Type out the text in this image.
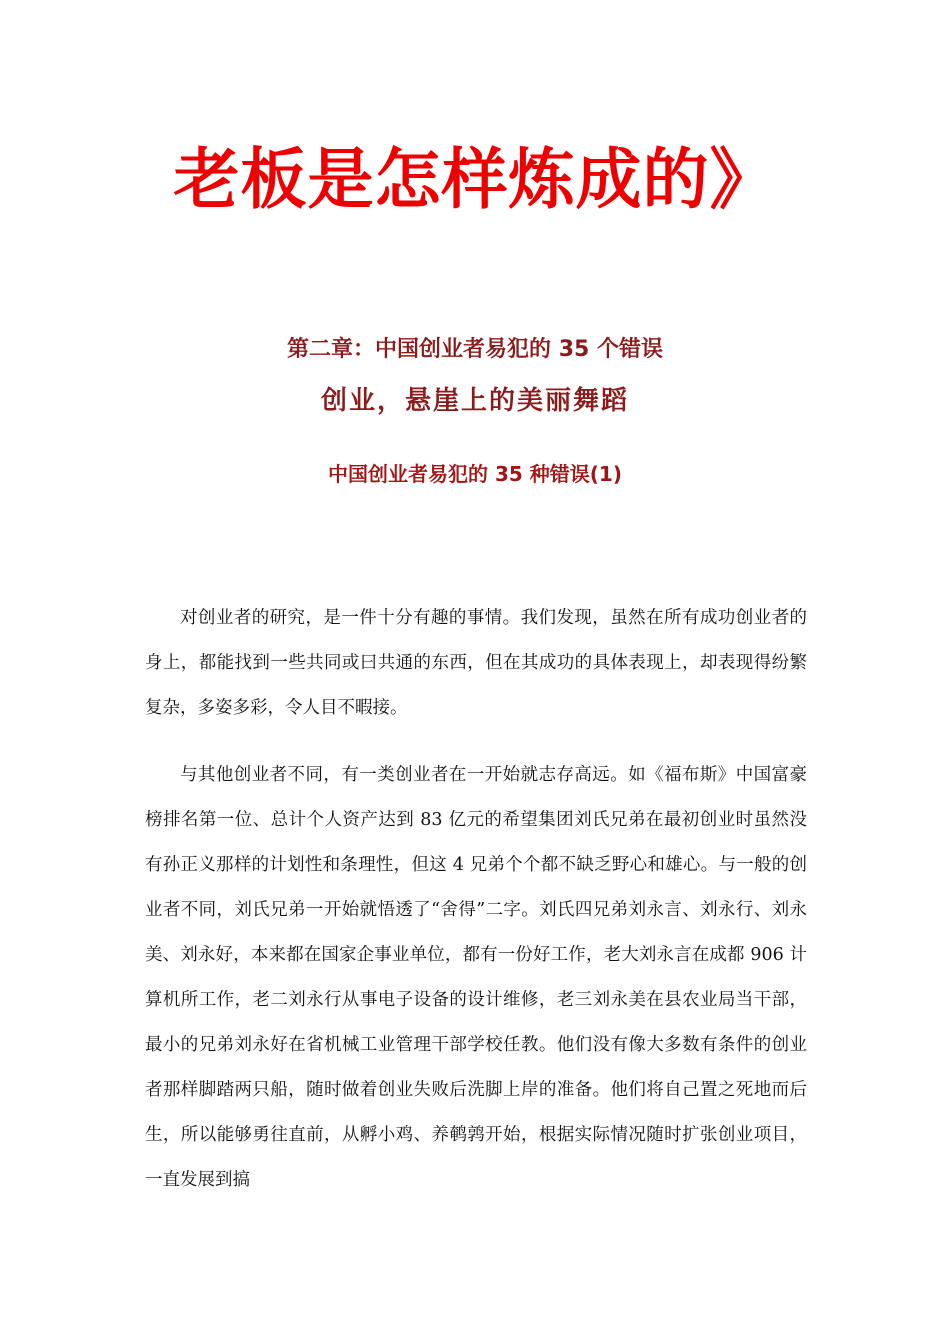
老板是怎样炼成的》
第二章：中国创业者易犯的 35 个错误
创业，悬崖上的美丽舞蹈
中国创业者易犯的 35 种错误(1)

对创业者的研究，是一件十分有趣的事情。我们发现，虽然在所有成功创业者的身上，都能找到一些共同或曰共通的东西，但在其成功的具体表现上，却表现得纷繁复杂，多姿多彩，令人目不暇接。

与其他创业者不同，有一类创业者在一开始就志存高远。如《福布斯》中国富豪榜排名第一位、总计个人资产达到 83 亿元的希望集团刘氏兄弟在最初创业时虽然没有孙正义那样的计划性和条理性，但这 4 兄弟个个都不缺乏野心和雄心。与一般的创业者不同，刘氏兄弟一开始就悟透了“舍得”二字。刘氏四兄弟刘永言、刘永行、刘永美、刘永好，本来都在国家企事业单位，都有一份好工作，老大刘永言在成都 906 计算机所工作，老二刘永行从事电子设备的设计维修，老三刘永美在县农业局当干部，最小的兄弟刘永好在省机械工业管理干部学校任教。他们没有像大多数有条件的创业者那样脚踏两只船，随时做着创业失败后洗脚上岸的准备。他们将自己置之死地而后生，所以能够勇往直前，从孵小鸡、养鹌鹑开始，根据实际情况随时扩张创业项目，一直发展到搞
